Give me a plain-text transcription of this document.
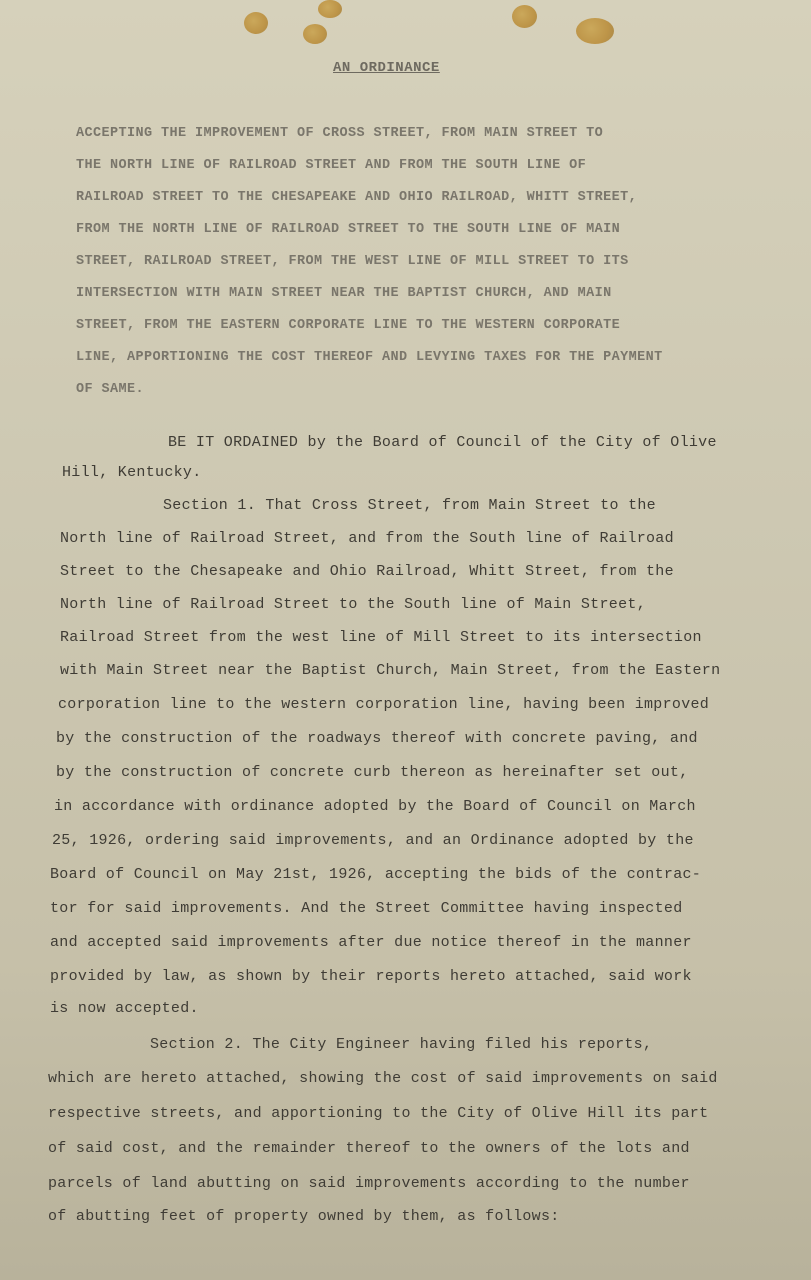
AN ORDINANCE
ACCEPTING THE IMPROVEMENT OF CROSS STREET, FROM MAIN STREET TO
THE NORTH LINE OF RAILROAD STREET AND FROM THE SOUTH LINE OF
RAILROAD STREET TO THE CHESAPEAKE AND OHIO RAILROAD, WHITT STREET,
FROM THE NORTH LINE OF RAILROAD STREET TO THE SOUTH LINE OF MAIN
STREET, RAILROAD STREET, FROM THE WEST LINE OF MILL STREET TO ITS
INTERSECTION WITH MAIN STREET NEAR THE BAPTIST CHURCH, AND MAIN
STREET, FROM THE EASTERN CORPORATE LINE TO THE WESTERN CORPORATE
LINE, APPORTIONING THE COST THEREOF AND LEVYING TAXES FOR THE PAYMENT
OF SAME.
BE IT ORDAINED by the Board of Council of the City of Olive
Hill, Kentucky.
Section 1. That Cross Street, from Main Street to the
North line of Railroad Street, and from the South line of Railroad
Street to the Chesapeake and Ohio Railroad, Whitt Street, from the
North line of Railroad Street to the South line of Main Street,
Railroad Street from the west line of Mill Street to its intersection
with Main Street near the Baptist Church, Main Street, from the Eastern
corporation line to the western corporation line, having been improved
by the construction of the roadways thereof with concrete paving, and
by the construction of concrete curb thereon as hereinafter set out,
in accordance with ordinance adopted by the Board of Council on March
25, 1926, ordering said improvements, and an Ordinance adopted by the
Board of Council on May 21st, 1926, accepting the bids of the contrac-
tor for said improvements. And the Street Committee having inspected
and accepted said improvements after due notice thereof in the manner
provided by law, as shown by their reports hereto attached, said work
is now accepted.
Section 2. The City Engineer having filed his reports,
which are hereto attached, showing the cost of said improvements on said
respective streets, and apportioning to the City of Olive Hill its part
of said cost, and the remainder thereof to the owners of the lots and
parcels of land abutting on said improvements according to the number
of abutting feet of property owned by them, as follows:
